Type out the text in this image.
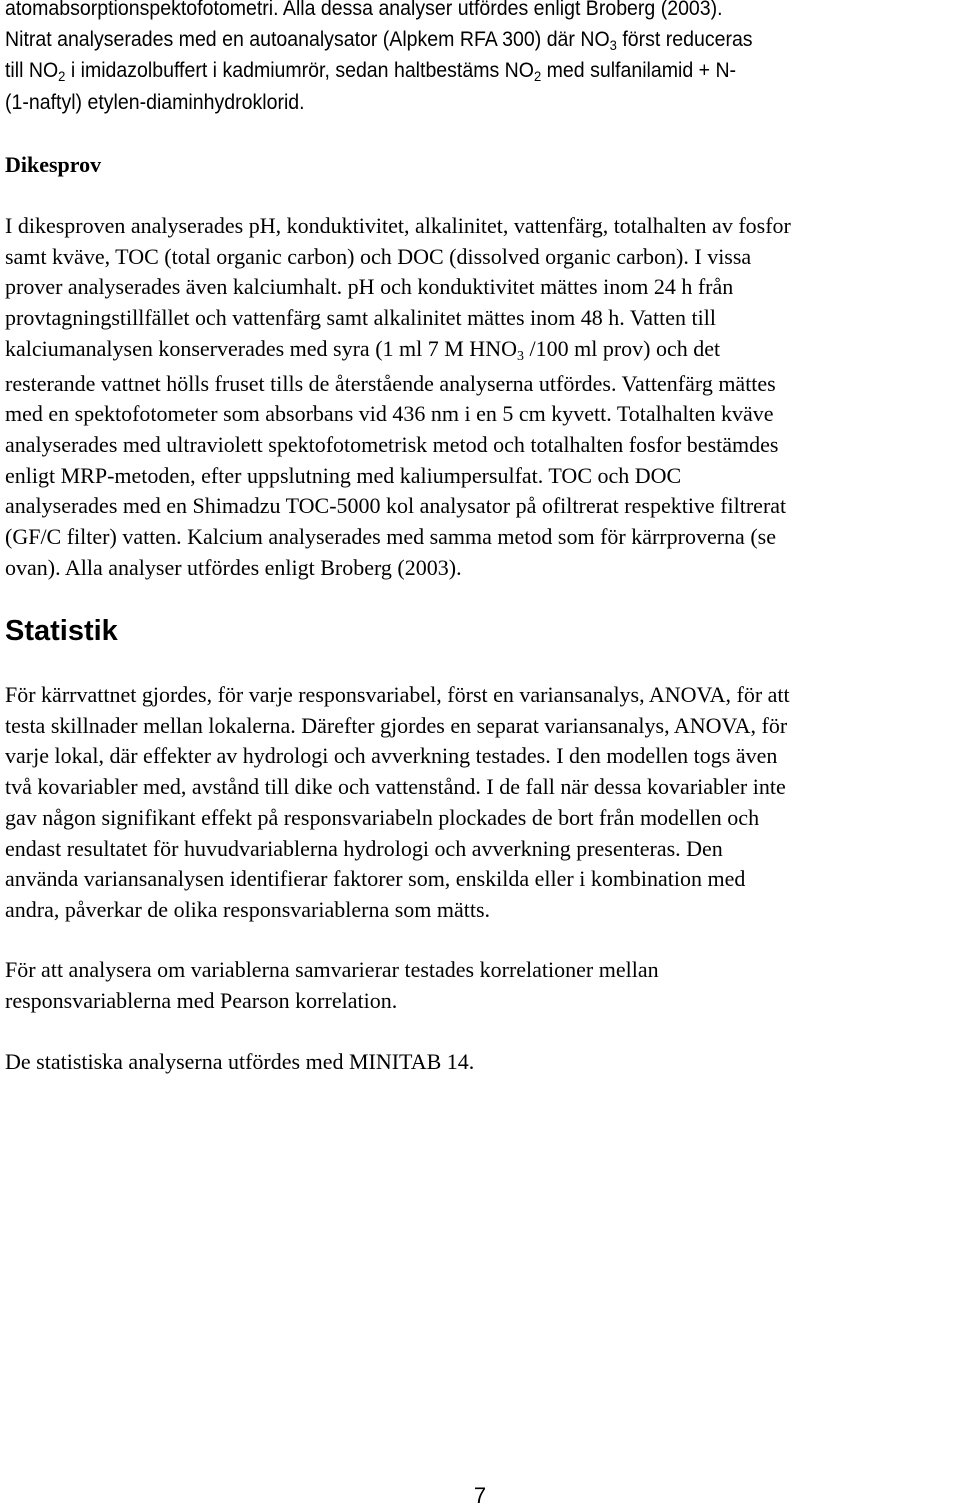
atomabsorptionspektofotometri. Alla dessa analyser utfördes enligt Broberg (2003).

Nitrat analyserades med en autoanalysator (Alpkem RFA 300) där $NO_3$ först reduceras

till $NO_2$ i imidazolbuffert i kadmiumrör, sedan haltbestäms $NO_2$ med sulfanilamid + N-

(1-naftyl) etylen-diaminhydroklorid.

Dikesprov

I dikesproven analyserades pH, konduktivitet, alkalinitet, vattenfärg, totalhalten av fosfor

samt kväve, TOC (total organic carbon) och DOC (dissolved organic carbon). I vissa

prover analyserades även kalciumhalt. pH och konduktivitet mättes inom 24 h från

provtagningstillfället och vattenfärg samt alkalinitet mättes inom 48 h. Vatten till

kalciumanalysen konserverades med syra (1 ml 7 M $HNO_3$ /100 ml prov) och det

resterande vattnet hölls fruset tills de återstående analyserna utfördes. Vattenfärg mättes

med en spektofotometer som absorbans vid 436 nm i en 5 cm kyvett. Totalhalten kväve

analyserades med ultraviolett spektofotometrisk metod och totalhalten fosfor bestämdes

enligt MRP-metoden, efter uppslutning med kaliumpersulfat. TOC och DOC

analyserades med en Shimadzu TOC-5000 kol analysator på ofiltrerat respektive filtrerat

(GF/C filter) vatten. Kalcium analyserades med samma metod som för kärrproverna (se

ovan). Alla analyser utfördes enligt Broberg (2003).

Statistik

För kärrvattnet gjordes, för varje responsvariabel, först en variansanalys, ANOVA, för att

testa skillnader mellan lokalerna. Därefter gjordes en separat variansanalys, ANOVA, för

varje lokal, där effekter av hydrologi och avverkning testades. I den modellen togs även

två kovariabler med, avstånd till dike och vattenstånd. I de fall när dessa kovariabler inte

gav någon signifikant effekt på responsvariabeln plockades de bort från modellen och

endast resultatet för huvudvariablerna hydrologi och avverkning presenteras. Den

använda variansanalysen identifierar faktorer som, enskilda eller i kombination med

andra, påverkar de olika responsvariablerna som mätts.

För att analysera om variablerna samvarierar testades korrelationer mellan

responsvariablerna med Pearson korrelation.

De statistiska analyserna utfördes med MINITAB 14.

7
